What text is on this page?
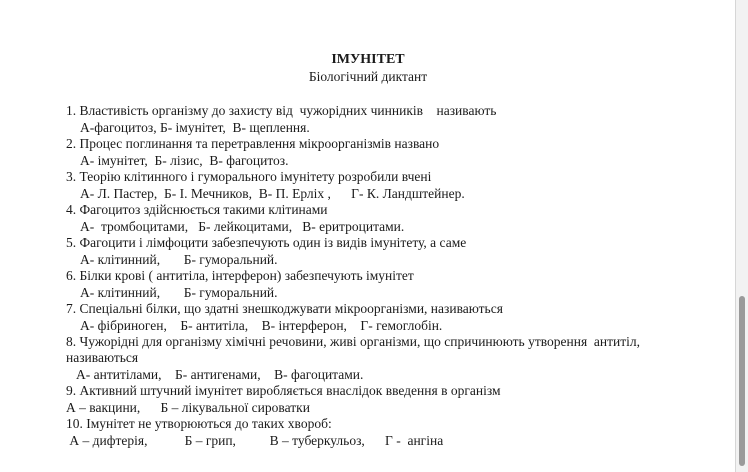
ІМУНІТЕТ
Біологічний диктант
1. Властивість організму до захисту від  чужорідних чинників    називають
А-фагоцитоз, Б- імунітет,  В- щеплення.
2. Процес поглинання та перетравлення мікроорганізмів названо
А- імунітет,  Б- лізис,  В- фагоцитоз.
3. Теорію клітинного і гуморального імунітету розробили вчені
А- Л. Пастер,  Б- І. Мечников,  В- П. Ерліх ,      Г- К. Ландштейнер.
4. Фагоцитоз здійснюється такими клітинами
А-  тромбоцитами,   Б- лейкоцитами,   В- еритроцитами.
5. Фагоцити і лімфоцити забезпечують один із видів імунітету, а саме
А- клітинний,       Б- гуморальний.
6. Білки крові ( антитіла, інтерферон) забезпечують імунітет
А- клітинний,       Б- гуморальний.
7. Спеціальні білки, що здатні знешкоджувати мікроорганізми, називаються
А- фібриноген,    Б- антитіла,    В- інтерферон,    Г- гемоглобін.
8. Чужорідні для організму хімічні речовини, живі організми, що спричинюють утворення  антитіл,
називаються
А- антитілами,    Б- антигенами,    В- фагоцитами.
9. Активний штучний імунітет виробляється внаслідок введення в організм
А – вакцини,      Б – лікувальної сироватки
10. Імунітет не утворюються до таких хвороб:
А – дифтерія,           Б – грип,          В – туберкульоз,      Г -  ангіна
